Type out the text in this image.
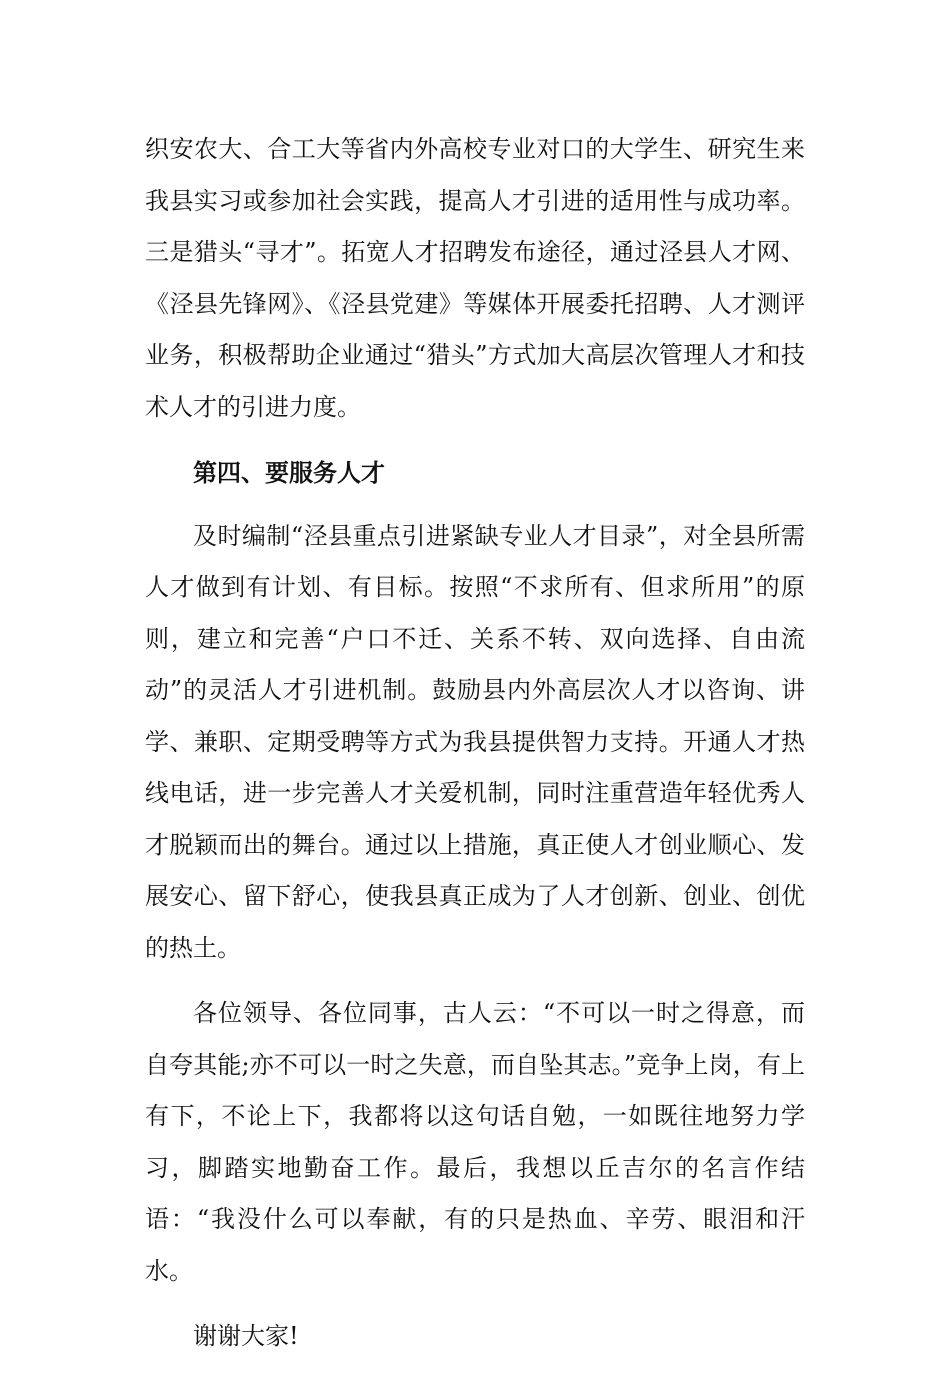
织安农大、合工大等省内外高校专业对口的大学生、研究生来我县实习或参加社会实践，提高人才引进的适用性与成功率。三是猎头“寻才”。拓宽人才招聘发布途径，通过泾县人才网、《泾县先锋网》、《泾县党建》等媒体开展委托招聘、人才测评业务，积极帮助企业通过“猎头”方式加大高层次管理人才和技术人才的引进力度。

第四、要服务人才

及时编制“泾县重点引进紧缺专业人才目录”，对全县所需人才做到有计划、有目标。按照“不求所有、但求所用”的原则，建立和完善“户口不迁、关系不转、双向选择、自由流动”的灵活人才引进机制。鼓励县内外高层次人才以咨询、讲学、兼职、定期受聘等方式为我县提供智力支持。开通人才热线电话，进一步完善人才关爱机制，同时注重营造年轻优秀人才脱颖而出的舞台。通过以上措施，真正使人才创业顺心、发展安心、留下舒心，使我县真正成为了人才创新、创业、创优的热土。

各位领导、各位同事，古人云：“不可以一时之得意，而自夸其能;亦不可以一时之失意，而自坠其志。”竞争上岗，有上有下，不论上下，我都将以这句话自勉，一如既往地努力学习，脚踏实地勤奋工作。最后，我想以丘吉尔的名言作结语：“我没什么可以奉献，有的只是热血、辛劳、眼泪和汗水。

谢谢大家!
